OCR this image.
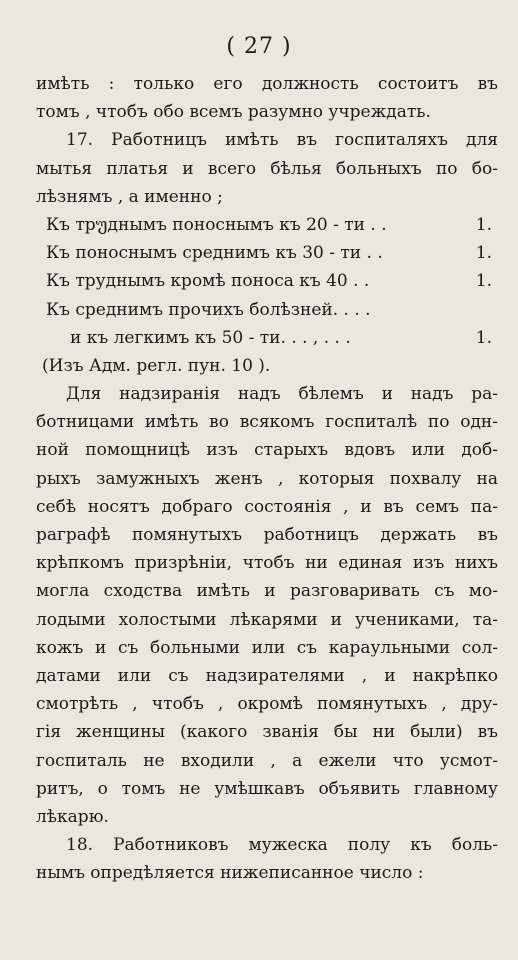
( 27 )
имѣть : только его должность состоитъ въ
томъ , чтобъ обо всемъ разумно учреждать.
17. Работницъ имѣть въ госпиталяхъ для
мытья платья и всего бѣлья больныхъ по бо-
лѣзнямъ , а именно ;
Къ трუднымъ поноснымъ къ 20 - ти . .	1.
Къ поноснымъ среднимъ къ 30 - ти . .	1.
Къ труднымъ кромѣ поноса къ 40 . .	1.
Къ среднимъ прочихъ болѣзней. . . .
и къ легкимъ къ 50 - ти. . . , . . .	1.
(Изъ Адм. регл. пун. 10 ).
Для надзиранія надъ бѣлемъ и надъ ра-
ботницами имѣть во всякомъ госпиталѣ по одн-
ной помощницѣ изъ старыхъ вдовъ или доб-
рыхъ замужныхъ женъ , которыя похвалу на
себѣ носятъ добраго состоянія , и въ семъ па-
раграфѣ помянутыхъ работницъ держать въ
крѣпкомъ призрѣніи, чтобъ ни единая изъ нихъ
могла сходства имѣть и разговаривать съ мо-
лодыми холостыми лѣкарями и учениками, та-
кожъ и съ больными или съ караульными сол-
датами или съ надзирателями , и накрѣпко
смотрѣть , чтобъ , окромѣ помянутыхъ , дру-
гія женщины (какого званія бы ни были) въ
госпиталь не входили , а ежели что усмот-
ритъ, о томъ не умѣшкавъ объявить главному
лѣкарю.
18. Работниковъ мужеска полу къ боль-
нымъ опредѣляется нижеписанное число :
